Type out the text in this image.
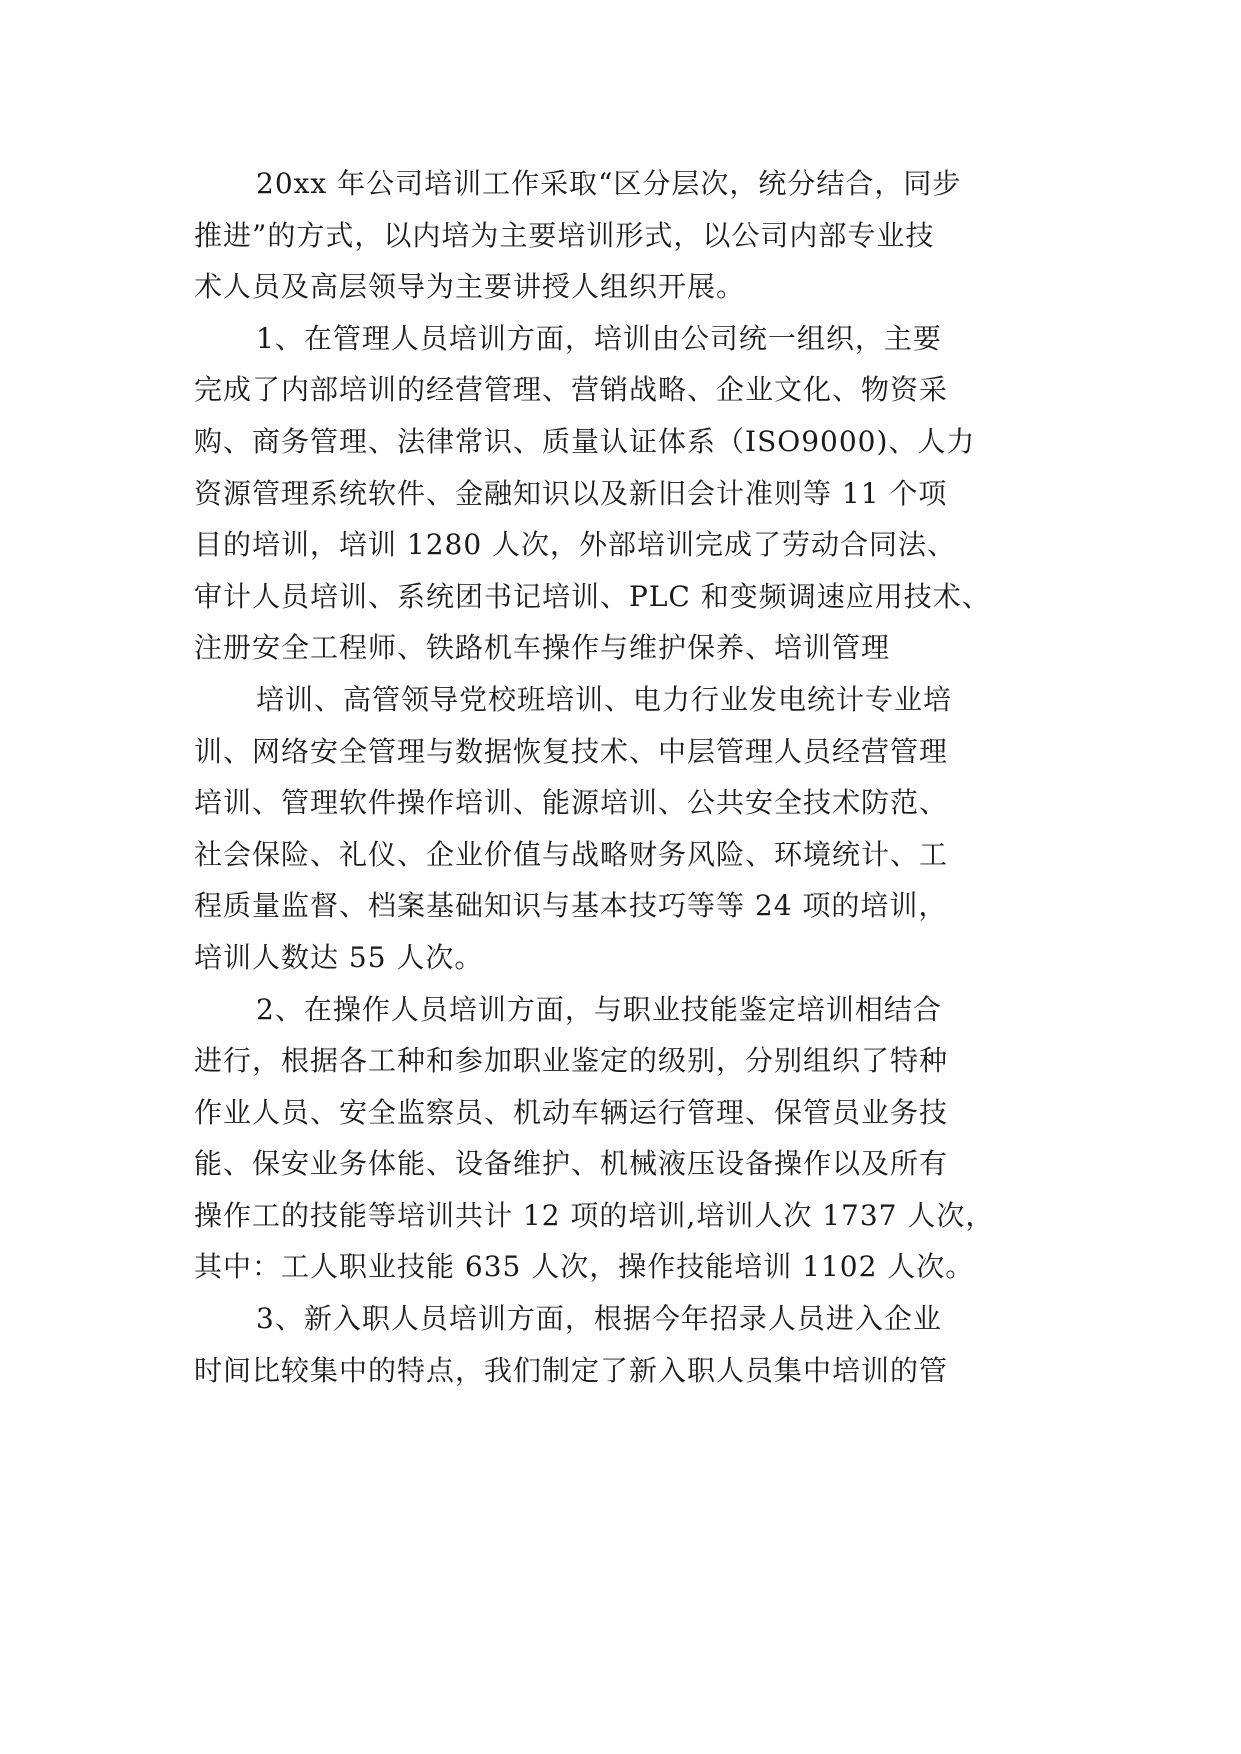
20xx 年公司培训工作采取“区分层次，统分结合，同步
推进”的方式，以内培为主要培训形式，以公司内部专业技
术人员及高层领导为主要讲授人组织开展。
1、在管理人员培训方面，培训由公司统一组织，主要
完成了内部培训的经营管理、营销战略、企业文化、物资采
购、商务管理、法律常识、质量认证体系（ISO9000)、人力
资源管理系统软件、金融知识以及新旧会计准则等 11 个项
目的培训，培训 1280 人次，外部培训完成了劳动合同法、
审计人员培训、系统团书记培训、PLC 和变频调速应用技术、
注册安全工程师、铁路机车操作与维护保养、培训管理
培训、高管领导党校班培训、电力行业发电统计专业培
训、网络安全管理与数据恢复技术、中层管理人员经营管理
培训、管理软件操作培训、能源培训、公共安全技术防范、
社会保险、礼仪、企业价值与战略财务风险、环境统计、工
程质量监督、档案基础知识与基本技巧等等 24 项的培训，
培训人数达 55 人次。
2、在操作人员培训方面，与职业技能鉴定培训相结合
进行，根据各工种和参加职业鉴定的级别，分别组织了特种
作业人员、安全监察员、机动车辆运行管理、保管员业务技
能、保安业务体能、设备维护、机械液压设备操作以及所有
操作工的技能等培训共计 12 项的培训,培训人次 1737 人次，
其中：工人职业技能 635 人次，操作技能培训 1102 人次。
3、新入职人员培训方面，根据今年招录人员进入企业
时间比较集中的特点，我们制定了新入职人员集中培训的管
